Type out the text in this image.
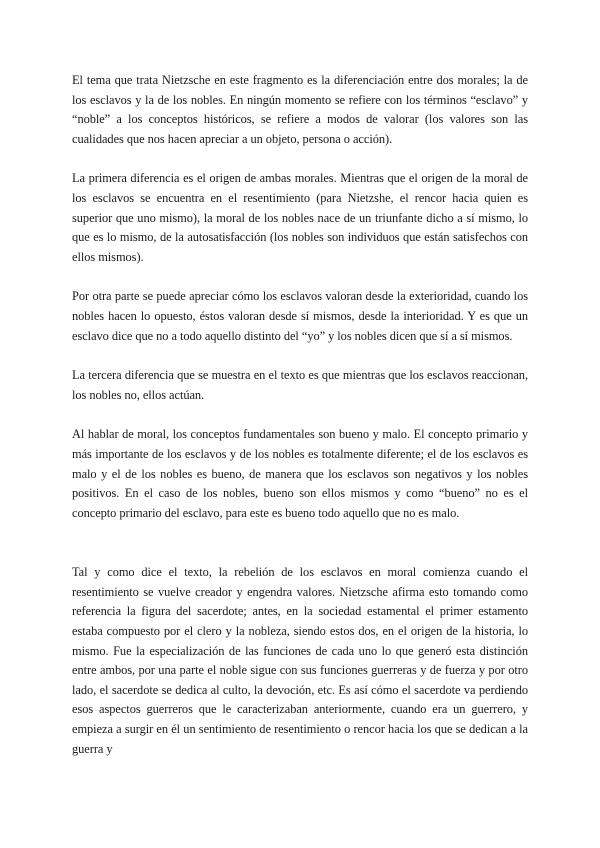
El tema que trata Nietzsche en este fragmento es la diferenciación entre dos morales; la de los esclavos y la de los nobles. En ningún momento se refiere con los términos “esclavo” y “noble” a los conceptos históricos, se refiere a modos de valorar (los valores son las cualidades que nos hacen apreciar a un objeto, persona o acción).

La primera diferencia es el origen de ambas morales. Mientras que el origen de la moral de los esclavos se encuentra en el resentimiento (para Nietzshe, el rencor hacia quien es superior que uno mismo), la moral de los nobles nace de un triunfante dicho a sí mismo, lo que es lo mismo, de la autosatisfacción (los nobles son individuos que están satisfechos con ellos mismos).

Por otra parte se puede apreciar cómo los esclavos valoran desde la exterioridad, cuando los nobles hacen lo opuesto, éstos valoran desde sí mismos, desde la interioridad. Y es que un esclavo dice que no a todo aquello distinto del “yo” y los nobles dicen que sí a sí mismos.

La tercera diferencia que se muestra en el texto es que mientras que los esclavos reaccionan, los nobles no, ellos actúan.

Al hablar de moral, los conceptos fundamentales son bueno y malo. El concepto primario y más importante de los esclavos y de los nobles es totalmente diferente; el de los esclavos es malo y el de los nobles es bueno, de manera que los esclavos son negativos y los nobles positivos. En el caso de los nobles, bueno son ellos mismos y como “bueno” no es el concepto primario del esclavo, para este es bueno todo aquello que no es malo.

Tal y como dice el texto, la rebelión de los esclavos en moral comienza cuando el resentimiento se vuelve creador y engendra valores. Nietzsche afirma esto tomando como referencia la figura del sacerdote; antes, en la sociedad estamental el primer estamento estaba compuesto por el clero y la nobleza, siendo estos dos, en el origen de la historia, lo mismo. Fue la especialización de las funciones de cada uno lo que generó esta distinción entre ambos, por una parte el noble sigue con sus funciones guerreras y de fuerza y por otro lado, el sacerdote se dedica al culto, la devoción, etc. Es así cómo el sacerdote va perdiendo esos aspectos guerreros que le caracterizaban anteriormente, cuando era un guerrero, y empieza a surgir en él un sentimiento de resentimiento o rencor hacia los que se dedican a la guerra y
